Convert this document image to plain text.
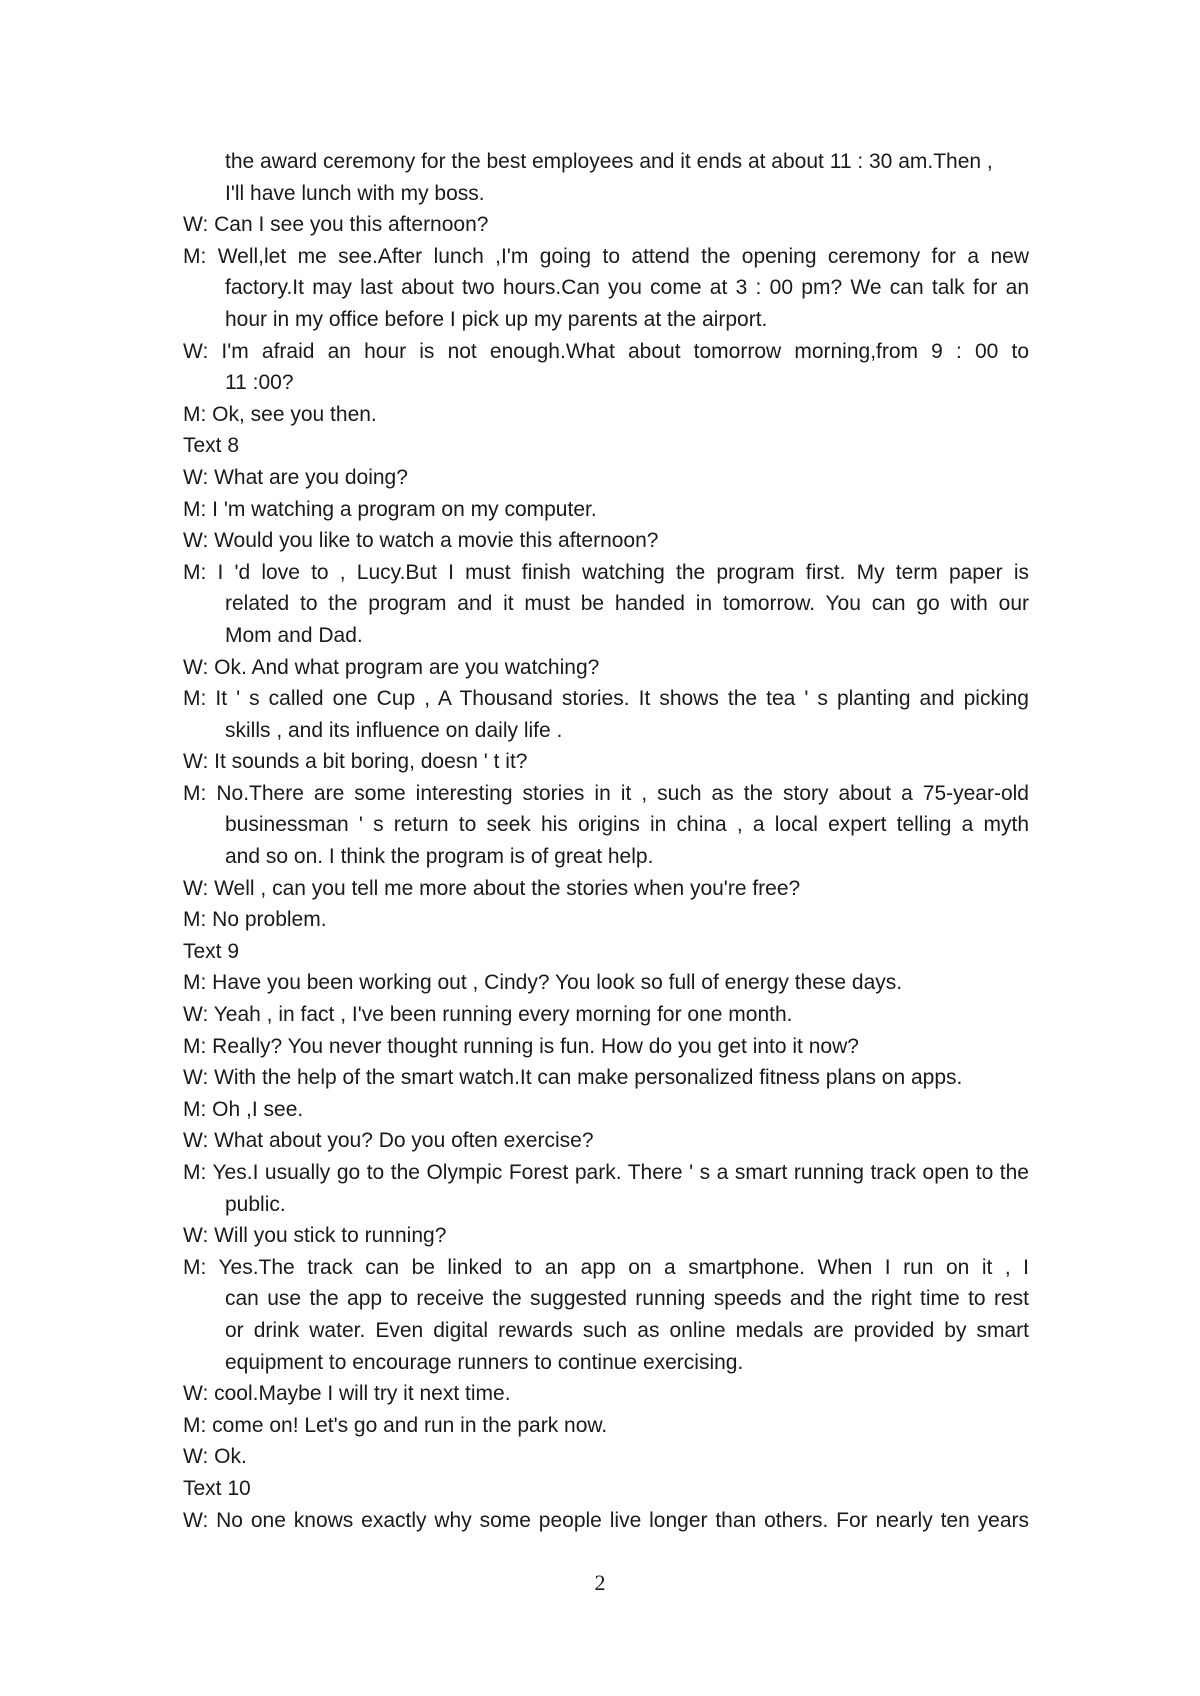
the award ceremony for the best employees and it ends at about 11 : 30 am.Then ,
I'll have lunch with my boss.
W: Can I see you this afternoon?
M: Well,let me see.After lunch ,I'm going to attend the opening ceremony for a new
factory.It may last about two hours.Can you come at 3 : 00 pm? We can talk for an
hour in my office before I pick up my parents at the airport.
W: I'm afraid an hour is not enough.What about tomorrow morning,from 9 : 00 to
11 :00?
M: Ok, see you then.
Text 8
W: What are you doing?
M: I 'm watching a program on my computer.
W: Would you like to watch a movie this afternoon?
M: I 'd love to , Lucy.But I must finish watching the program first. My term paper is
related to the program and it must be handed in tomorrow. You can go with our
Mom and Dad.
W: Ok. And what program are you watching?
M: It ' s called one Cup , A Thousand stories. It shows the tea ' s planting and picking
skills , and its influence on daily life .
W: It sounds a bit boring, doesn ' t it?
M: No.There are some interesting stories in it , such as the story about a 75-year-old
businessman ' s return to seek his origins in china , a local expert telling a myth
and so on. I think the program is of great help.
W: Well , can you tell me more about the stories when you're free?
M: No problem.
Text 9
M: Have you been working out , Cindy? You look so full of energy these days.
W: Yeah , in fact , I've been running every morning for one month.
M: Really? You never thought running is fun. How do you get into it now?
W: With the help of the smart watch.It can make personalized fitness plans on apps.
M: Oh ,I see.
W: What about you? Do you often exercise?
M: Yes.I usually go to the Olympic Forest park. There ' s a smart running track open to the
public.
W: Will you stick to running?
M: Yes.The track can be linked to an app on a smartphone. When I run on it , I
can use the app to receive the suggested running speeds and the right time to rest
or drink water. Even digital rewards such as online medals are provided by smart
equipment to encourage runners to continue exercising.
W: cool.Maybe I will try it next time.
M: come on! Let's go and run in the park now.
W: Ok.
Text 10
W: No one knows exactly why some people live longer than others. For nearly ten years
2
